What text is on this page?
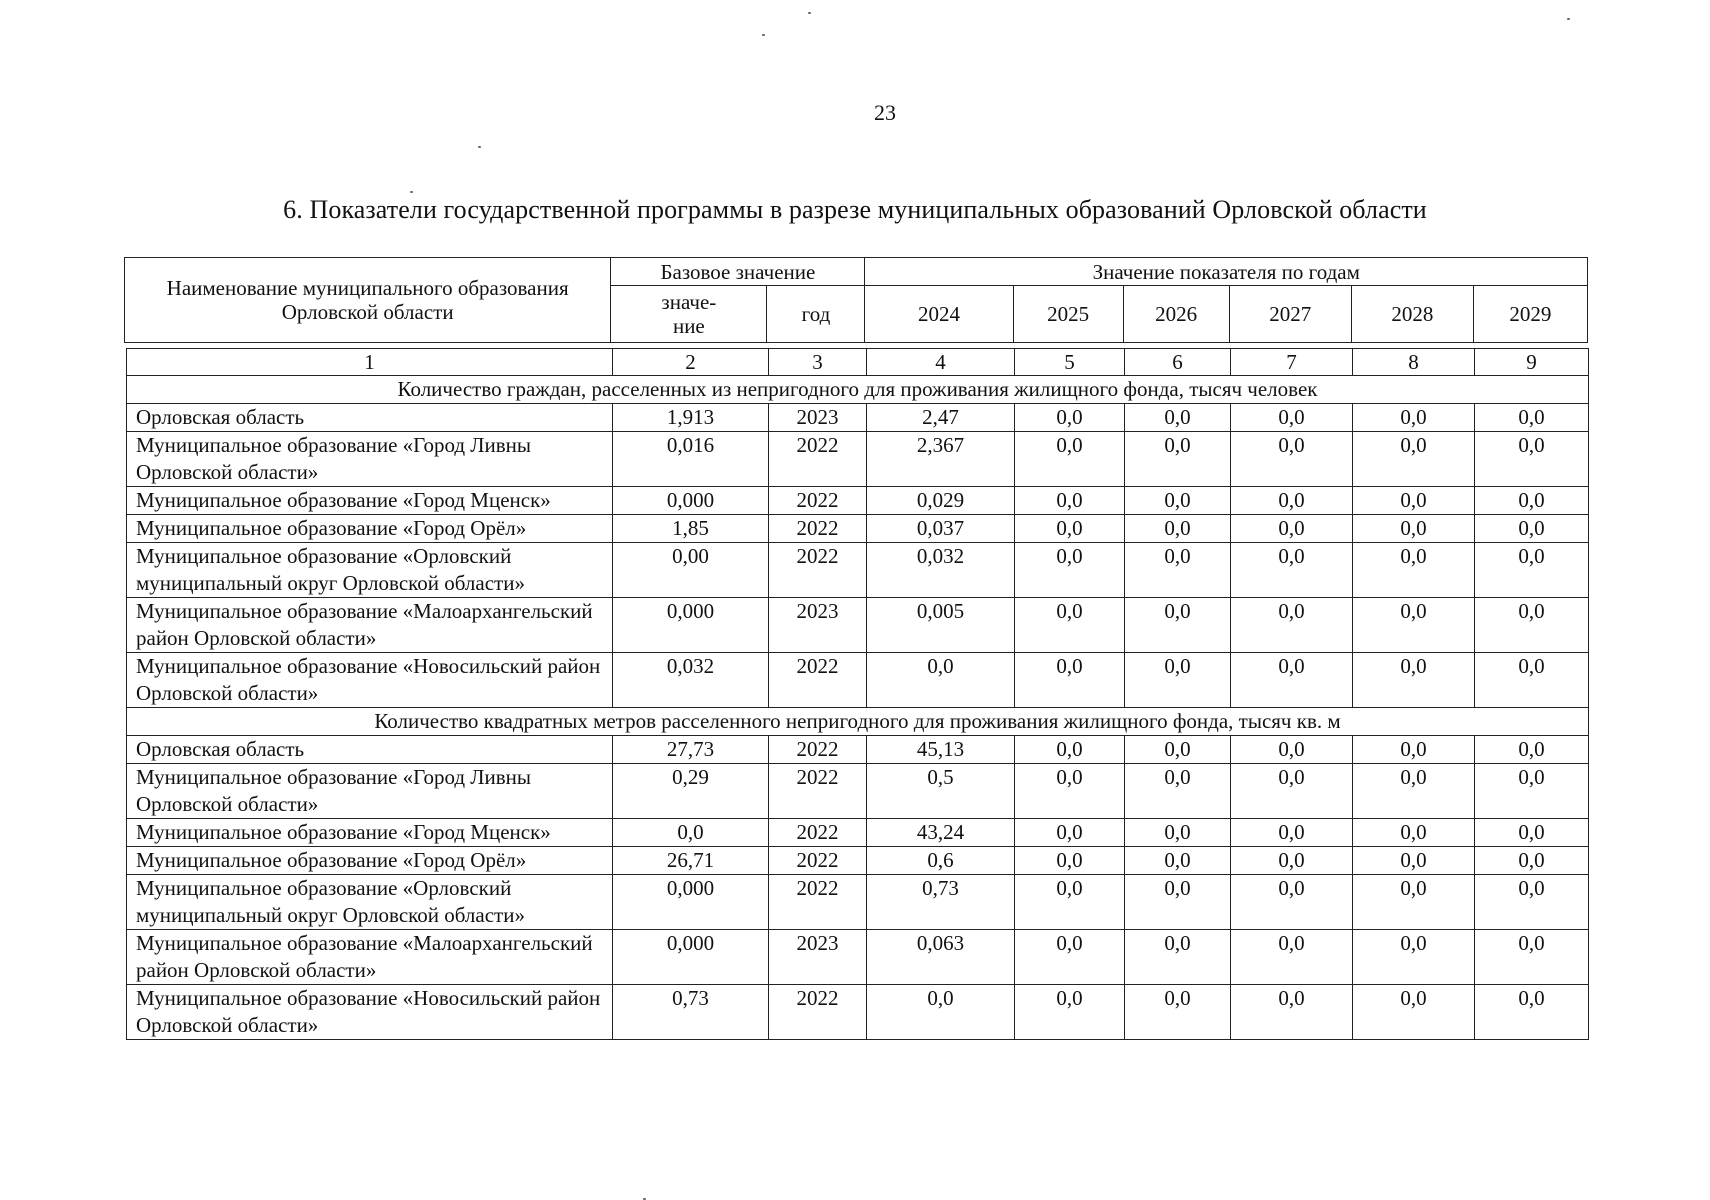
23
6. Показатели государственной программы в разрезе муниципальных образований Орловской области
Наименование муниципального образования Орловской области	Базовое значение		Значение показателя по годам					
	значе-ние	год	2024	2025	2026	2027	2028	2029
1	2	3	4	5	6	7	8	9
Количество граждан, расселенных из непригодного для проживания жилищного фонда, тысяч человек								
Орловская область	1,913	2023	2,47	0,0	0,0	0,0	0,0	0,0
Муниципальное образование «Город Ливны Орловской области»	0,016	2022	2,367	0,0	0,0	0,0	0,0	0,0
Муниципальное образование «Город Мценск»	0,000	2022	0,029	0,0	0,0	0,0	0,0	0,0
Муниципальное образование «Город Орёл»	1,85	2022	0,037	0,0	0,0	0,0	0,0	0,0
Муниципальное образование «Орловский муниципальный округ Орловской области»	0,00	2022	0,032	0,0	0,0	0,0	0,0	0,0
Муниципальное образование «Малоархангельский район Орловской области»	0,000	2023	0,005	0,0	0,0	0,0	0,0	0,0
Муниципальное образование «Новосильский район Орловской области»	0,032	2022	0,0	0,0	0,0	0,0	0,0	0,0
Количество квадратных метров расселенного непригодного для проживания жилищного фонда, тысяч кв. м								
Орловская область	27,73	2022	45,13	0,0	0,0	0,0	0,0	0,0
Муниципальное образование «Город Ливны Орловской области»	0,29	2022	0,5	0,0	0,0	0,0	0,0	0,0
Муниципальное образование «Город Мценск»	0,0	2022	43,24	0,0	0,0	0,0	0,0	0,0
Муниципальное образование «Город Орёл»	26,71	2022	0,6	0,0	0,0	0,0	0,0	0,0
Муниципальное образование «Орловский муниципальный округ Орловской области»	0,000	2022	0,73	0,0	0,0	0,0	0,0	0,0
Муниципальное образование «Малоархангельский район Орловской области»	0,000	2023	0,063	0,0	0,0	0,0	0,0	0,0
Муниципальное образование «Новосильский район Орловской области»	0,73	2022	0,0	0,0	0,0	0,0	0,0	0,0
